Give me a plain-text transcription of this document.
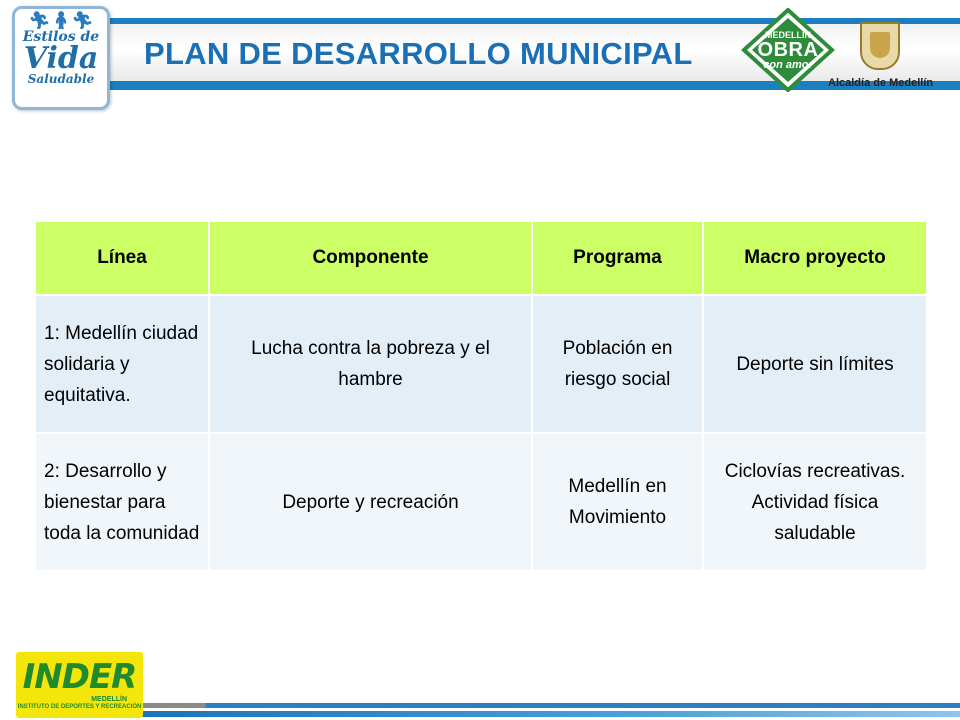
PLAN DE DESARROLLO MUNICIPAL
🏃︎🧍︎🏃︎
Estilos de
Vida
Saludable
MEDELLÍN
OBRA
con amor
Alcaldía de Medellín
Línea	Componente	Programa	Macro proyecto
1: Medellín ciudad solidaria y equitativa.	Lucha contra la pobreza y el hambre	Población en riesgo social	Deporte sin límites
2: Desarrollo y bienestar para toda la comunidad	Deporte y recreación	Medellín en Movimiento	Ciclovías recreativas. Actividad física saludable
INDER
MEDELLÍN
INSTITUTO DE DEPORTES Y RECREACIÓN
